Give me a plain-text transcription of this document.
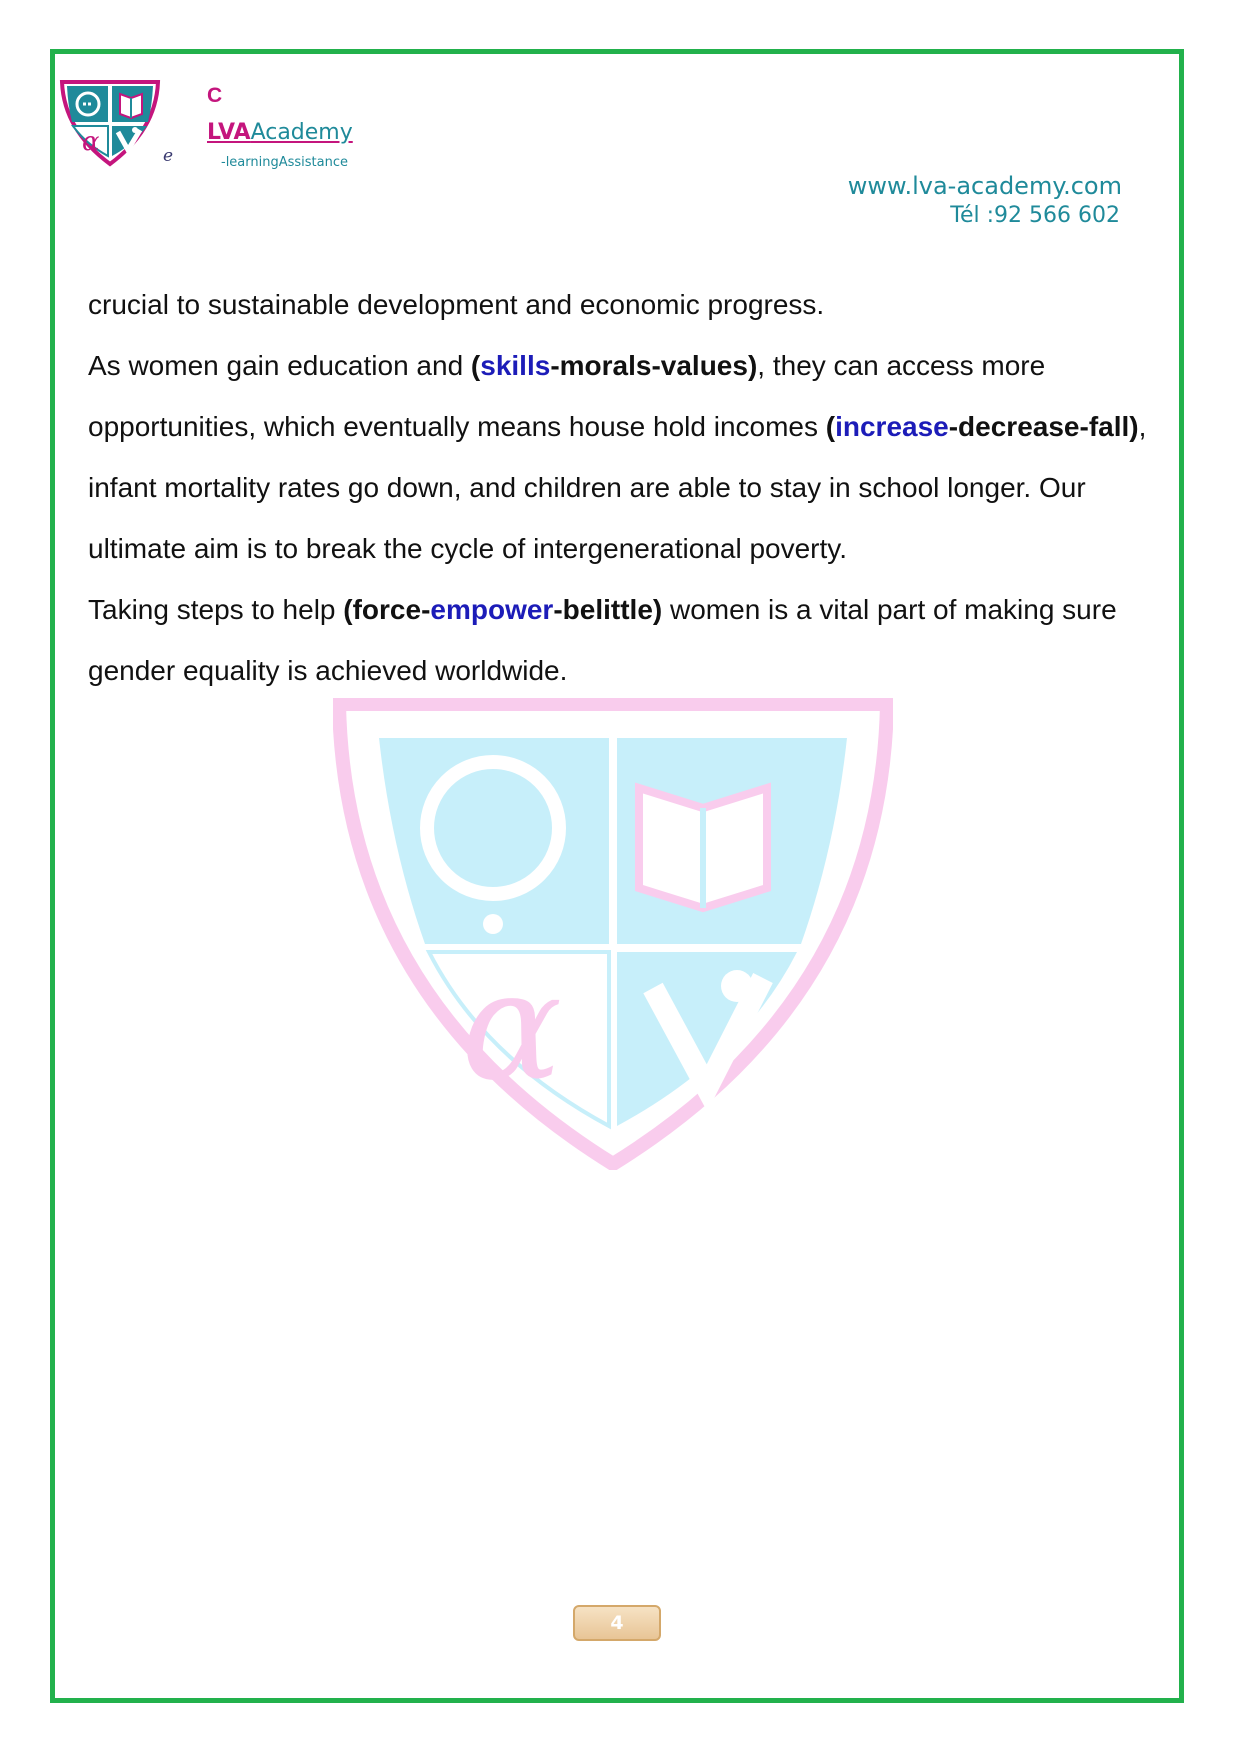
α	e
C
LVAAcademy
-learningAssistance
www.lva-academy.com
Tél :92 566 602
α

crucial to sustainable development and economic progress.

As women gain education and (skills-morals-values), they can access more opportunities, which eventually means house hold incomes (increase-decrease-fall), infant mortality rates go down, and children are able to stay in school longer. Our ultimate aim is to break the cycle of intergenerational poverty.

Taking steps to help (force-empower-belittle) women is a vital part of making sure gender equality is achieved worldwide.

4
